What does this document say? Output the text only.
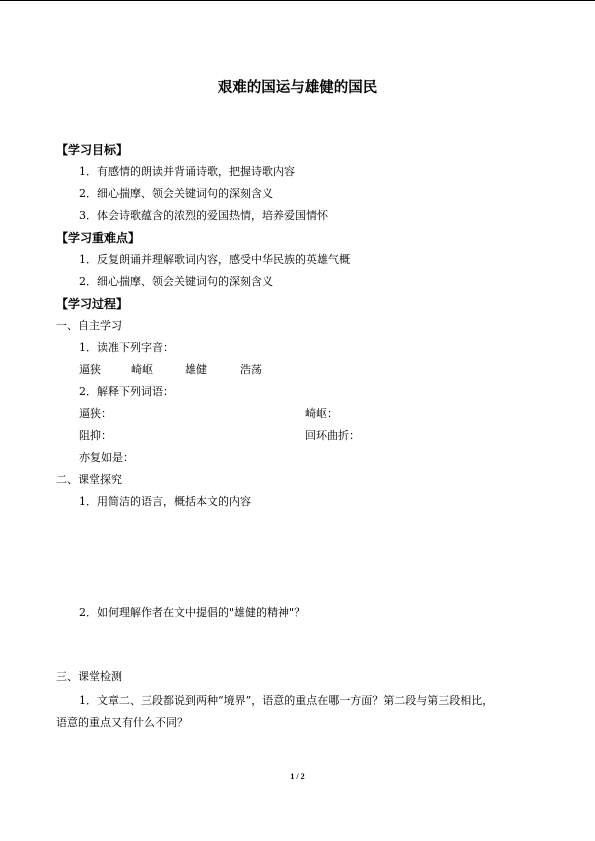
艰难的国运与雄健的国民
【学习目标】
1．有感情的朗读并背诵诗歌，把握诗歌内容
2．细心揣摩、领会关键词句的深刻含义
3．体会诗歌蕴含的浓烈的爱国热情，培养爱国情怀
【学习重难点】
1．反复朗诵并理解歌词内容，感受中华民族的英雄气概
2．细心揣摩、领会关键词句的深刻含义
【学习过程】
一、自主学习
1．读准下列字音：
逼狭	崎岖	雄健	浩荡
2．解释下列词语：
逼狭：	崎岖：
阻抑：	回环曲折：
亦复如是：
二、课堂探究
1．用简洁的语言，概括本文的内容
2．如何理解作者在文中提倡的"雄健的精神"？
三、课堂检测
1．文章二、三段都说到两种“境界”，语意的重点在哪一方面？第二段与第三段相比，
语意的重点又有什么不同？
1 / 2
